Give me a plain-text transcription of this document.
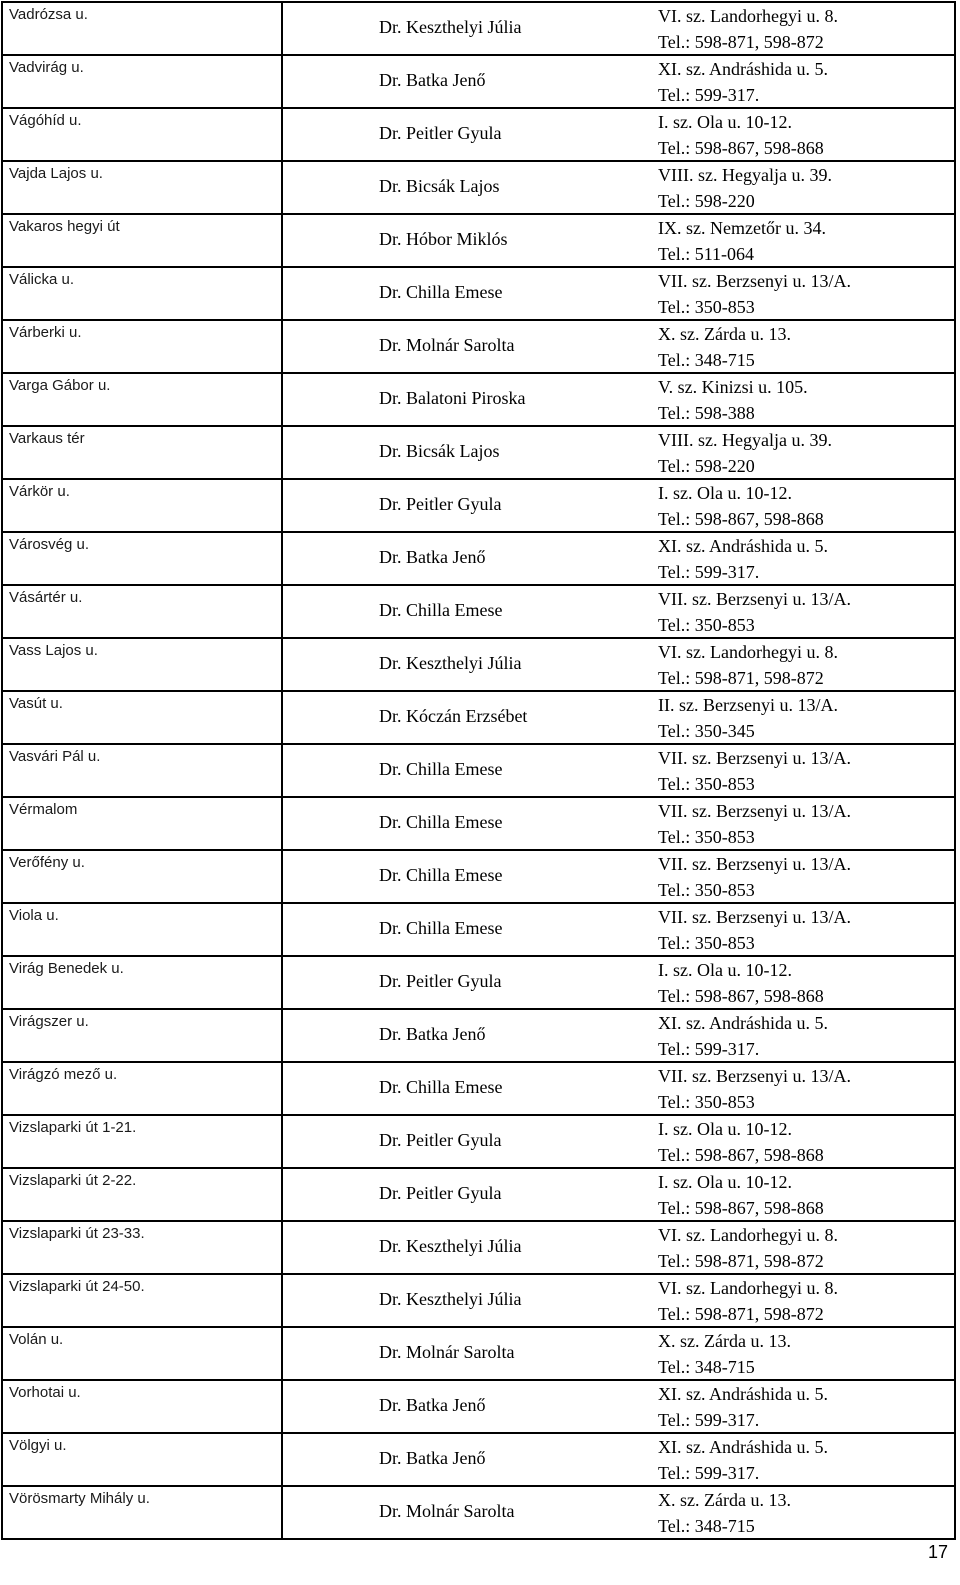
Vadrózsa u.	Dr. Keszthelyi Júlia
VI. sz. Landorhegyi u. 8.
Tel.: 598-871, 598-872

Vadvirág u.	Dr. Batka Jenő
XI. sz. Andráshida u. 5.
Tel.: 599-317.

Vágóhíd u.	Dr. Peitler Gyula
I. sz. Ola u. 10-12.
Tel.: 598-867, 598-868

Vajda Lajos u.	Dr. Bicsák Lajos
VIII. sz. Hegyalja u. 39.
Tel.: 598-220

Vakaros hegyi út	Dr. Hóbor Miklós
IX. sz. Nemzetőr u. 34.
Tel.: 511-064

Válicka u.	Dr. Chilla Emese
VII. sz. Berzsenyi u. 13/A.
Tel.: 350-853

Várberki u.	Dr. Molnár Sarolta
X. sz. Zárda u. 13.
Tel.: 348-715

Varga Gábor u.	Dr. Balatoni Piroska
V. sz. Kinizsi u. 105.
Tel.: 598-388

Varkaus tér	Dr. Bicsák Lajos
VIII. sz. Hegyalja u. 39.
Tel.: 598-220

Várkör u.	Dr. Peitler Gyula
I. sz. Ola u. 10-12.
Tel.: 598-867, 598-868

Városvég u.	Dr. Batka Jenő
XI. sz. Andráshida u. 5.
Tel.: 599-317.

Vásártér u.	Dr. Chilla Emese
VII. sz. Berzsenyi u. 13/A.
Tel.: 350-853

Vass Lajos u.	Dr. Keszthelyi Júlia
VI. sz. Landorhegyi u. 8.
Tel.: 598-871, 598-872

Vasút u.	Dr. Kóczán Erzsébet
II. sz. Berzsenyi u. 13/A.
Tel.: 350-345

Vasvári Pál u.	Dr. Chilla Emese
VII. sz. Berzsenyi u. 13/A.
Tel.: 350-853

Vérmalom	Dr. Chilla Emese
VII. sz. Berzsenyi u. 13/A.
Tel.: 350-853

Verőfény u.	Dr. Chilla Emese
VII. sz. Berzsenyi u. 13/A.
Tel.: 350-853

Viola u.	Dr. Chilla Emese
VII. sz. Berzsenyi u. 13/A.
Tel.: 350-853

Virág Benedek u.	Dr. Peitler Gyula
I. sz. Ola u. 10-12.
Tel.: 598-867, 598-868

Virágszer u.	Dr. Batka Jenő
XI. sz. Andráshida u. 5.
Tel.: 599-317.

Virágzó mező u.	Dr. Chilla Emese
VII. sz. Berzsenyi u. 13/A.
Tel.: 350-853

Vizslaparki út 1-21.	Dr. Peitler Gyula
I. sz. Ola u. 10-12.
Tel.: 598-867, 598-868

Vizslaparki út 2-22.	Dr. Peitler Gyula
I. sz. Ola u. 10-12.
Tel.: 598-867, 598-868

Vizslaparki út 23-33.	Dr. Keszthelyi Júlia
VI. sz. Landorhegyi u. 8.
Tel.: 598-871, 598-872

Vizslaparki út 24-50.	Dr. Keszthelyi Júlia
VI. sz. Landorhegyi u. 8.
Tel.: 598-871, 598-872

Volán u.	Dr. Molnár Sarolta
X. sz. Zárda u. 13.
Tel.: 348-715

Vorhotai u.	Dr. Batka Jenő
XI. sz. Andráshida u. 5.
Tel.: 599-317.

Völgyi u.	Dr. Batka Jenő
XI. sz. Andráshida u. 5.
Tel.: 599-317.

Vörösmarty Mihály u.	Dr. Molnár Sarolta
X. sz. Zárda u. 13.
Tel.: 348-715
17
